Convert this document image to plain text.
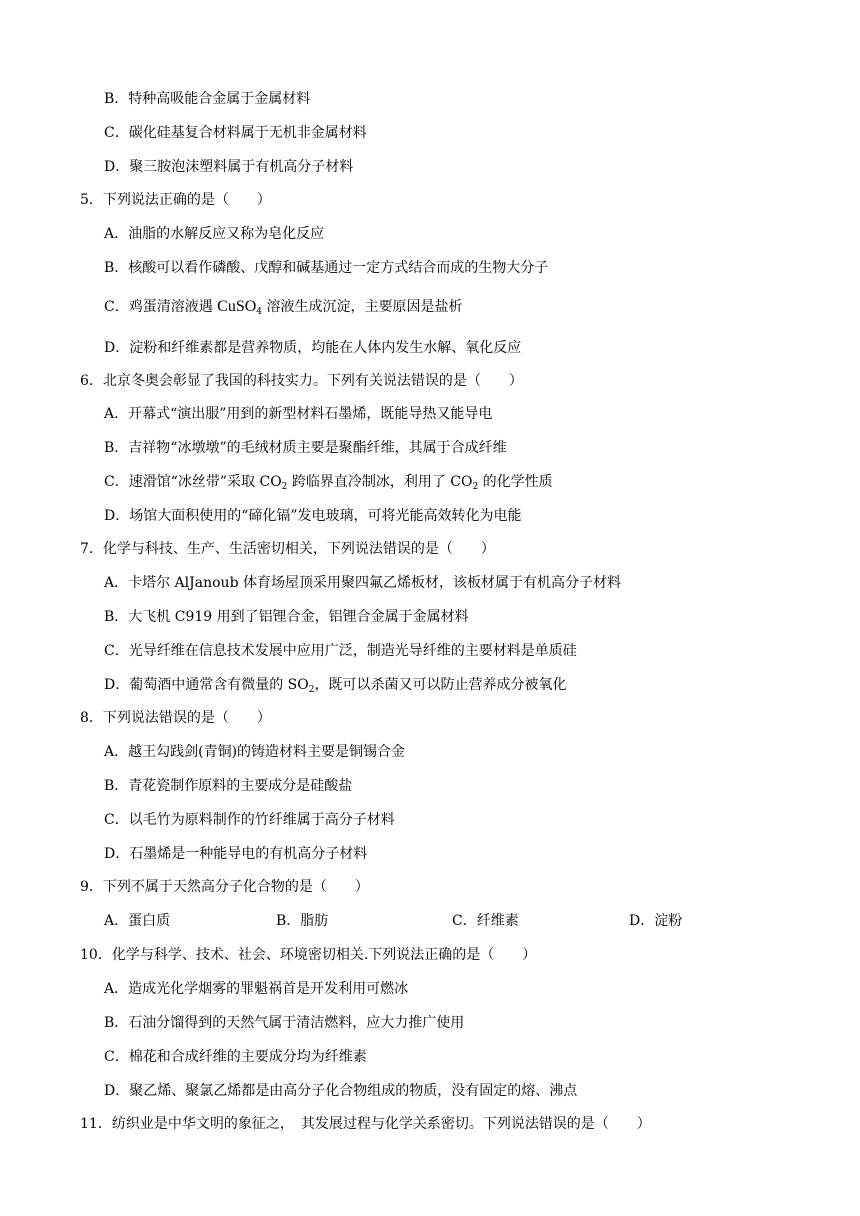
B．特种高吸能合金属于金属材料
C．碳化硅基复合材料属于无机非金属材料
D．聚三胺泡沫塑料属于有机高分子材料
5．下列说法正确的是（　　）
A．油脂的水解反应又称为皂化反应
B．核酸可以看作磷酸、戊醇和碱基通过一定方式结合而成的生物大分子
C．鸡蛋清溶液遇 CuSO$_4$ 溶液生成沉淀，主要原因是盐析
D．淀粉和纤维素都是营养物质，均能在人体内发生水解、氧化反应
6．北京冬奥会彰显了我国的科技实力。下列有关说法错误的是（　　）
A．开幕式“演出服”用到的新型材料石墨烯，既能导热又能导电
B．吉祥物“冰墩墩”的毛绒材质主要是聚酯纤维，其属于合成纤维
C．速滑馆“冰丝带”采取 $CO_2$ 跨临界直冷制冰，利用了 $CO_2$ 的化学性质
D．场馆大面积使用的“碲化镉”发电玻璃，可将光能高效转化为电能
7．化学与科技、生产、生活密切相关，下列说法错误的是（　　）
A．卡塔尔 AlJanoub 体育场屋顶采用聚四氟乙烯板材，该板材属于有机高分子材料
B．大飞机 C919 用到了铝锂合金，铝锂合金属于金属材料
C．光导纤维在信息技术发展中应用广泛，制造光导纤维的主要材料是单质硅
D．葡萄酒中通常含有微量的 $SO_2$，既可以杀菌又可以防止营养成分被氧化
8．下列说法错误的是（　　）
A．越王勾践剑(青铜)的铸造材料主要是铜锡合金
B．青花瓷制作原料的主要成分是硅酸盐
C．以毛竹为原料制作的竹纤维属于高分子材料
D．石墨烯是一种能导电的有机高分子材料
9．下列不属于天然高分子化合物的是（　　）
A．蛋白质	B．脂肪	C．纤维素	D．淀粉
10．化学与科学、技术、社会、环境密切相关.下列说法正确的是（　　）
A．造成光化学烟雾的罪魁祸首是开发利用可燃冰
B．石油分馏得到的天然气属于清洁燃料，应大力推广使用
C．棉花和合成纤维的主要成分均为纤维素
D．聚乙烯、聚氯乙烯都是由高分子化合物组成的物质，没有固定的熔、沸点
11．纺织业是中华文明的象征之，　其发展过程与化学关系密切。下列说法错误的是（　　）
